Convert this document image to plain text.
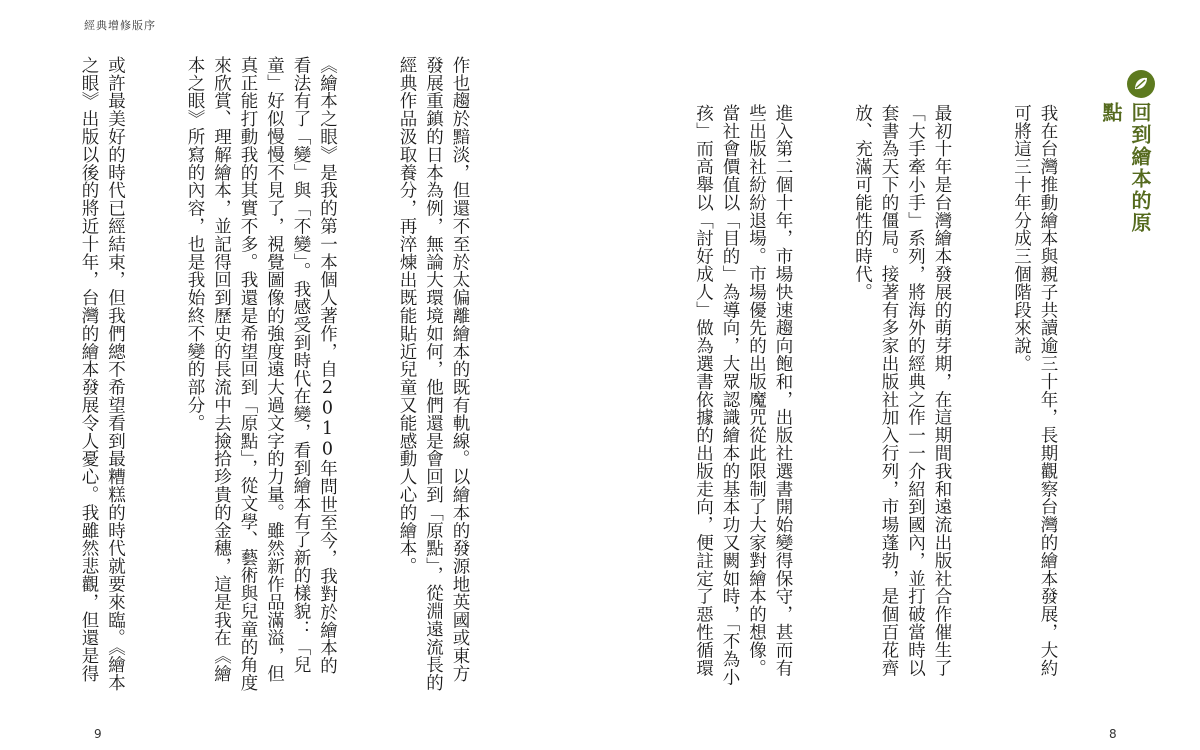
經典增修版序

作也趨於黯淡，但還不至於太偏離繪本的既有軌線。以繪本的發源地英國或東方發展重鎮的日本為例，無論大環境如何，他們還是會回到「原點」，從淵遠流長的經典作品汲取養分，再淬煉出既能貼近兒童又能感動人心的繪本。

《繪本之眼》是我的第一本個人著作，自2010年問世至今，我對於繪本的看法有了「變」與「不變」。我感受到時代在變，看到繪本有了新的樣貌：「兒童」好似慢慢不見了，視覺圖像的強度遠大過文字的力量。雖然新作品滿溢，但真正能打動我的其實不多。我還是希望回到「原點」，從文學、藝術與兒童的角度來欣賞、理解繪本，並記得回到歷史的長流中去撿拾珍貴的金穗，這是我在《繪本之眼》所寫的內容，也是我始終不變的部分。

或許最美好的時代已經結束，但我們總不希望看到最糟糕的時代就要來臨。《繪本之眼》出版以後的將近十年，台灣的繪本發展令人憂心。我雖然悲觀，但還是得

9

我在台灣推動繪本與親子共讀逾三十年，長期觀察台灣的繪本發展，大約可將這三十年分成三個階段來說。

最初十年是台灣繪本發展的萌芽期，在這期間我和遠流出版社合作催生了「大手牽小手」系列，將海外的經典之作一一介紹到國內，並打破當時以套書為天下的僵局。接著有多家出版社加入行列，市場蓬勃，是個百花齊放、充滿可能性的時代。

進入第二個十年，市場快速趨向飽和，出版社選書開始變得保守，甚而有些出版社紛紛退場。市場優先的出版魔咒從此限制了大家對繪本的想像。當社會價值以「目的」為導向，大眾認識繪本的基本功又闕如時，「不為小孩」而高舉以「討好成人」做為選書依據的出版走向，便註定了惡性循環

回到繪本的原點
8
